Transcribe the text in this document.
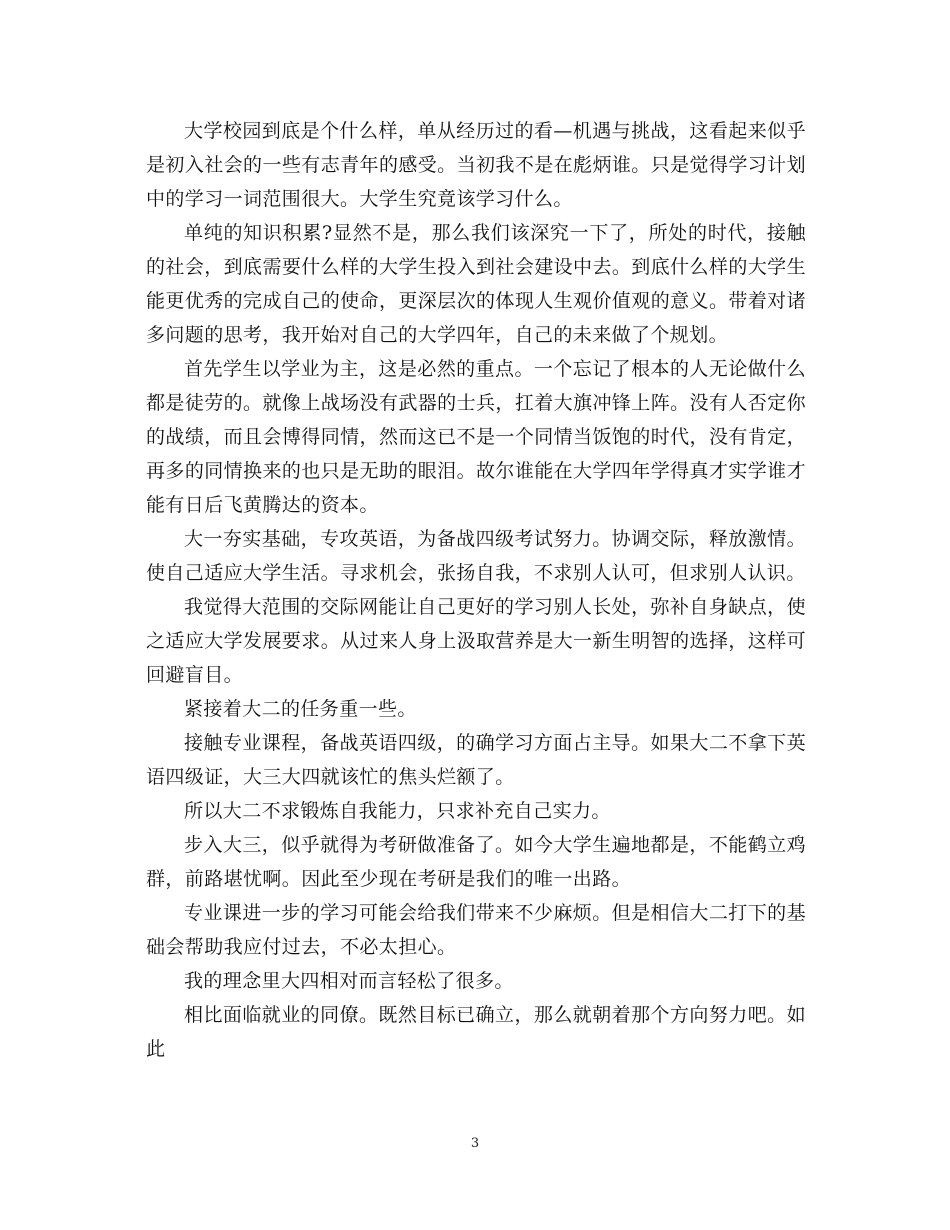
大学校园到底是个什么样，单从经历过的看—机遇与挑战，这看起来似乎是初入社会的一些有志青年的感受。当初我不是在彪炳谁。只是觉得学习计划中的学习一词范围很大。大学生究竟该学习什么。

单纯的知识积累?显然不是，那么我们该深究一下了，所处的时代，接触的社会，到底需要什么样的大学生投入到社会建设中去。到底什么样的大学生能更优秀的完成自己的使命，更深层次的体现人生观价值观的意义。带着对诸多问题的思考，我开始对自己的大学四年，自己的未来做了个规划。

首先学生以学业为主，这是必然的重点。一个忘记了根本的人无论做什么都是徒劳的。就像上战场没有武器的士兵，扛着大旗冲锋上阵。没有人否定你的战绩，而且会博得同情，然而这已不是一个同情当饭饱的时代，没有肯定，再多的同情换来的也只是无助的眼泪。故尔谁能在大学四年学得真才实学谁才能有日后飞黄腾达的资本。

大一夯实基础，专攻英语，为备战四级考试努力。协调交际，释放激情。使自己适应大学生活。寻求机会，张扬自我，不求别人认可，但求别人认识。

我觉得大范围的交际网能让自己更好的学习别人长处，弥补自身缺点，使之适应大学发展要求。从过来人身上汲取营养是大一新生明智的选择，这样可回避盲目。

紧接着大二的任务重一些。

接触专业课程，备战英语四级，的确学习方面占主导。如果大二不拿下英语四级证，大三大四就该忙的焦头烂额了。

所以大二不求锻炼自我能力，只求补充自己实力。

步入大三，似乎就得为考研做准备了。如今大学生遍地都是，不能鹤立鸡群，前路堪忧啊。因此至少现在考研是我们的唯一出路。

专业课进一步的学习可能会给我们带来不少麻烦。但是相信大二打下的基础会帮助我应付过去，不必太担心。

我的理念里大四相对而言轻松了很多。

相比面临就业的同僚。既然目标已确立，那么就朝着那个方向努力吧。如此

3
